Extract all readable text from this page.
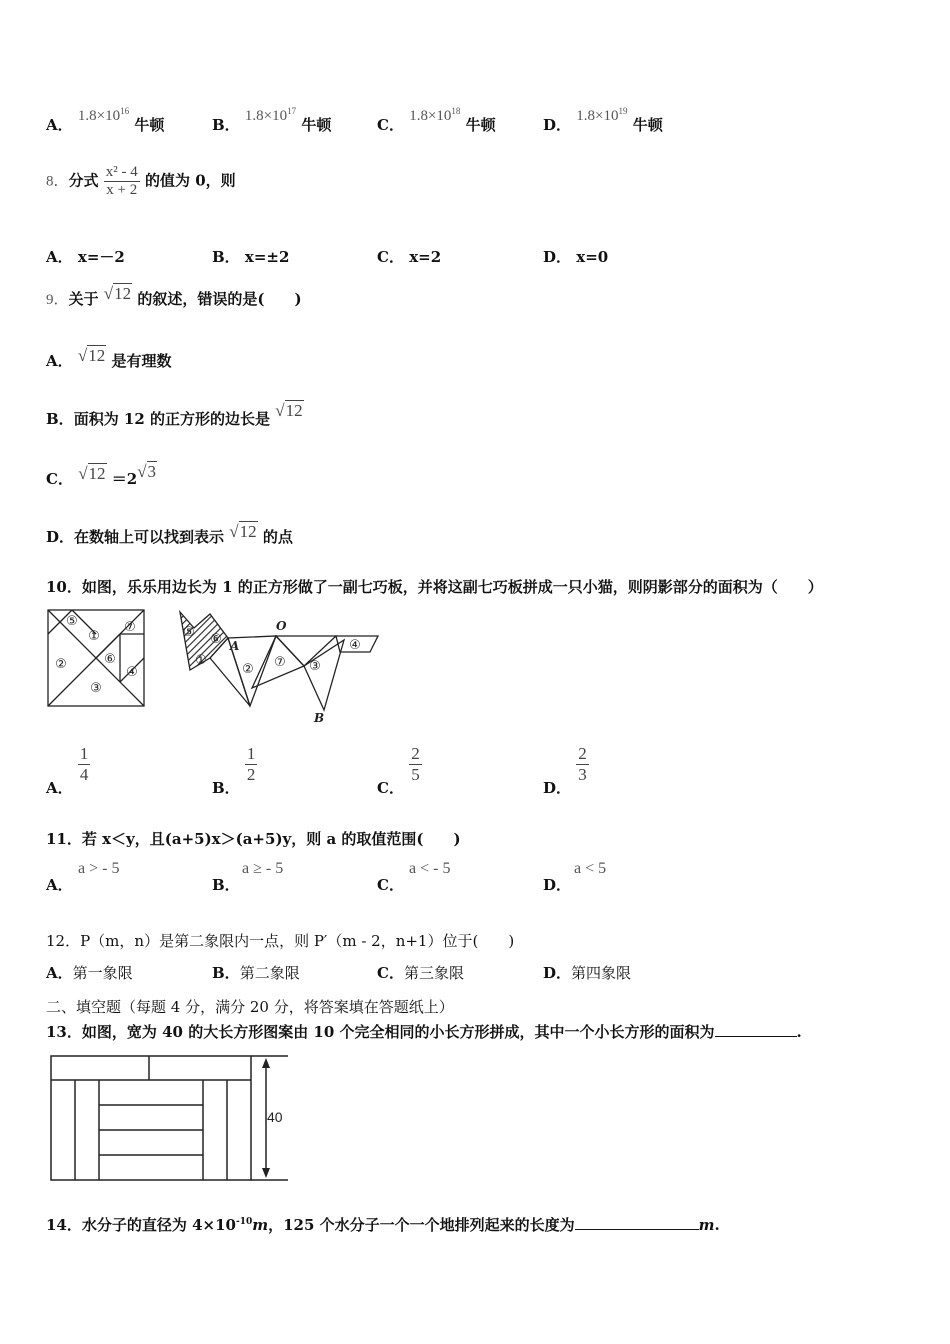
A． $1.8\times 10^{16}$ 牛顿	B． $1.8\times 10^{17}$ 牛顿	C． $1.8\times 10^{18}$ 牛顿	D． $1.8\times 10^{19}$ 牛顿
8．分式 $\frac{\text{x² - 4}}{x + 2}$ 的值为 0，则
A． x=－2	B． x=±2	C． x=2	D． x=0
9．关于 √12 的叙述，错误的是(　　)
A． √12 是有理数
B．面积为 12 的正方形的边长是 √12
C． √12 ＝2√3
D．在数轴上可以找到表示 √12 的点
10．如图，乐乐用边长为 1 的正方形做了一副七巧板，并将这副七巧板拼成一只小猫，则阴影部分的面积为（　　）
⑤
①
⑦
②	⑥
④
③
⑤ ⑥
①
② ⑦ ③
④
A
O
B
A．
$\frac{1}{4}$
B．
$\frac{1}{2}$
C．
$\frac{2}{5}$
D．
$\frac{2}{3}$
11．若 x＜y，且(a+5)x＞(a+5)y，则 a 的取值范围(　　)
A．
a > - 5
B．
a ≥ - 5
C．
a < - 5
D．
a < 5
12．P（m，n）是第二象限内一点，则 P′（m - 2，n+1）位于(　　)
A．第一象限	B．第二象限	C．第三象限	D．第四象限
二、填空题（每题 4 分，满分 20 分，将答案填在答题纸上）
13．如图，宽为 40 的大长方形图案由 10 个完全相同的小长方形拼成，其中一个小长方形的面积为	.
40
14．水分子的直径为 $4\times 10^{-10}m$，125 个水分子一个一个地排列起来的长度为	m.
